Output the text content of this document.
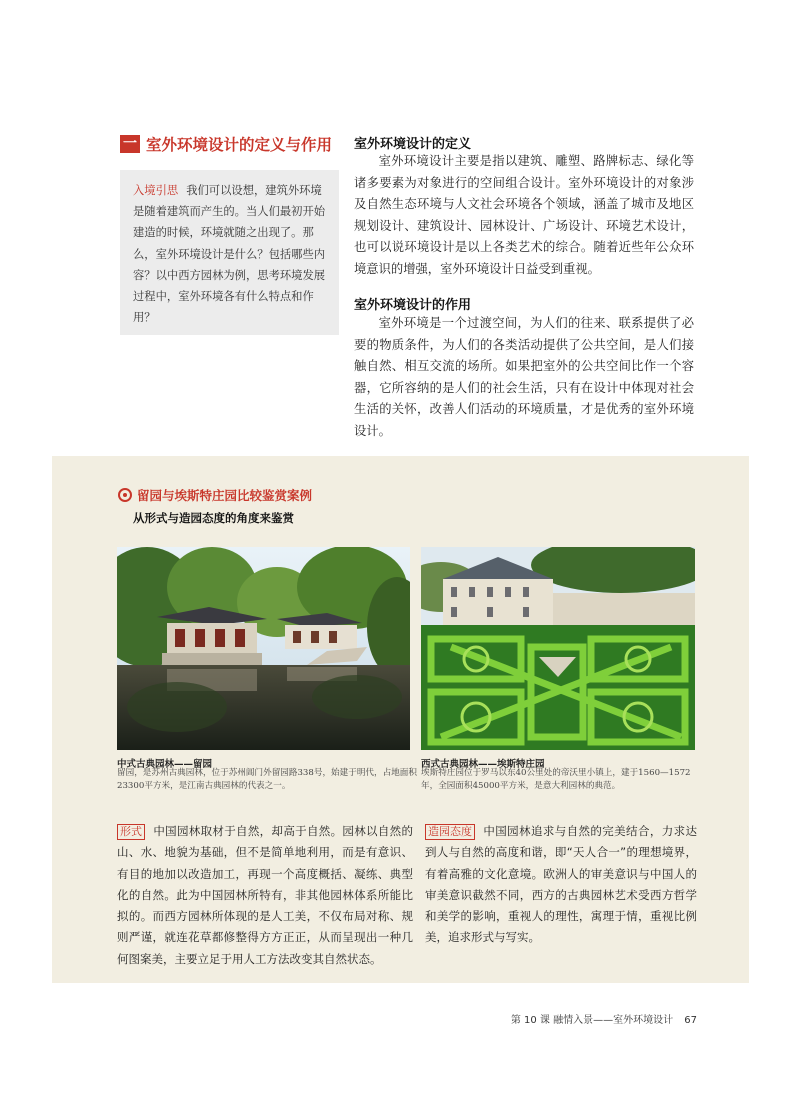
一 室外环境设计的定义与作用

入境引思 我们可以设想，建筑外环境是随着建筑而产生的。当人们最初开始建造的时候，环境就随之出现了。那么，室外环境设计是什么？包括哪些内容？以中西方园林为例，思考环境发展过程中，室外环境各有什么特点和作用？

室外环境设计的定义

室外环境设计主要是指以建筑、雕塑、路牌标志、绿化等诸多要素为对象进行的空间组合设计。室外环境设计的对象涉及自然生态环境与人文社会环境各个领域，涵盖了城市及地区规划设计、建筑设计、园林设计、广场设计、环境艺术设计，也可以说环境设计是以上各类艺术的综合。随着近些年公众环境意识的增强，室外环境设计日益受到重视。

室外环境设计的作用

室外环境是一个过渡空间，为人们的往来、联系提供了必要的物质条件，为人们的各类活动提供了公共空间，是人们接触自然、相互交流的场所。如果把室外的公共空间比作一个容器，它所容纳的是人们的社会生活，只有在设计中体现对社会生活的关怀，改善人们活动的环境质量，才是优秀的室外环境设计。

留园与埃斯特庄园比较鉴赏案例
从形式与造园态度的角度来鉴赏

中式古典园林——留园

留园，是苏州古典园林，位于苏州阊门外留园路338号，始建于明代，占地面积23300平方米，是江南古典园林的代表之一。

西式古典园林——埃斯特庄园

埃斯特庄园位于罗马以东40公里处的帝沃里小镇上，建于1560—1572年，全园面积45000平方米，是意大利园林的典范。

形式 中国园林取材于自然，却高于自然。园林以自然的山、水、地貌为基础，但不是简单地利用，而是有意识、有目的地加以改造加工，再现一个高度概括、凝练、典型化的自然。此为中国园林所特有，非其他园林体系所能比拟的。而西方园林所体现的是人工美，不仅布局对称、规则严谨，就连花草都修整得方方正正，从而呈现出一种几何图案美，主要立足于用人工方法改变其自然状态。

造园态度 中国园林追求与自然的完美结合，力求达到人与自然的高度和谐，即“天人合一”的理想境界，有着高雅的文化意境。欧洲人的审美意识与中国人的审美意识截然不同，西方的古典园林艺术受西方哲学和美学的影响，重视人的理性，寓理于情，重视比例美，追求形式与写实。

第 10 课 融情入景——室外环境设计 67
